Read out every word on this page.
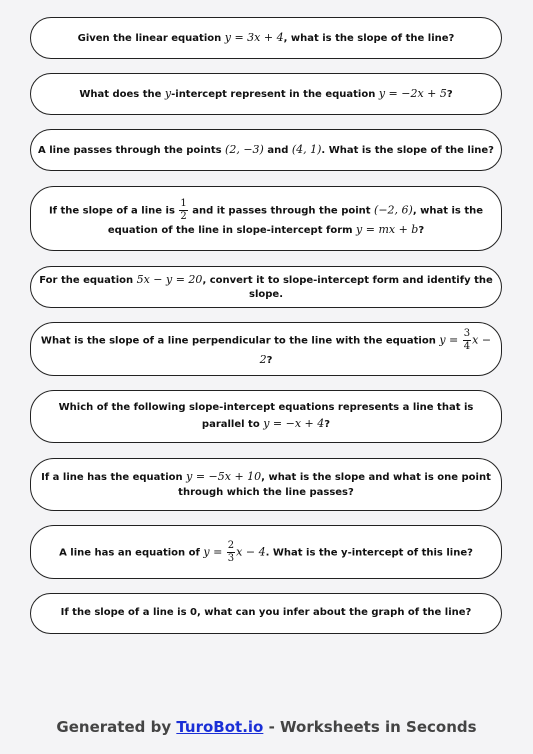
Given the linear equation y = 3x + 4, what is the slope of the line?
What does the y-intercept represent in the equation y = −2x + 5?
A line passes through the points (2, −3) and (4, 1). What is the slope of the line?
If the slope of a line is $\frac{1}{2}$ and it passes through the point (−2, 6), what is the equation of the line in slope-intercept form y = mx + b?
For the equation 5x − y = 20, convert it to slope-intercept form and identify the slope.
What is the slope of a line perpendicular to the line with the equation $y = \frac{3}{4}$ x − 2?
Which of the following slope-intercept equations represents a line that is parallel to y = −x + 4?
If a line has the equation y = −5x + 10, what is the slope and what is one point through which the line passes?
A line has an equation of $y = \frac{2}{3}$ x − 4. What is the y-intercept of this line?
If the slope of a line is 0, what can you infer about the graph of the line?
Generated by TuroBot.io - Worksheets in Seconds
